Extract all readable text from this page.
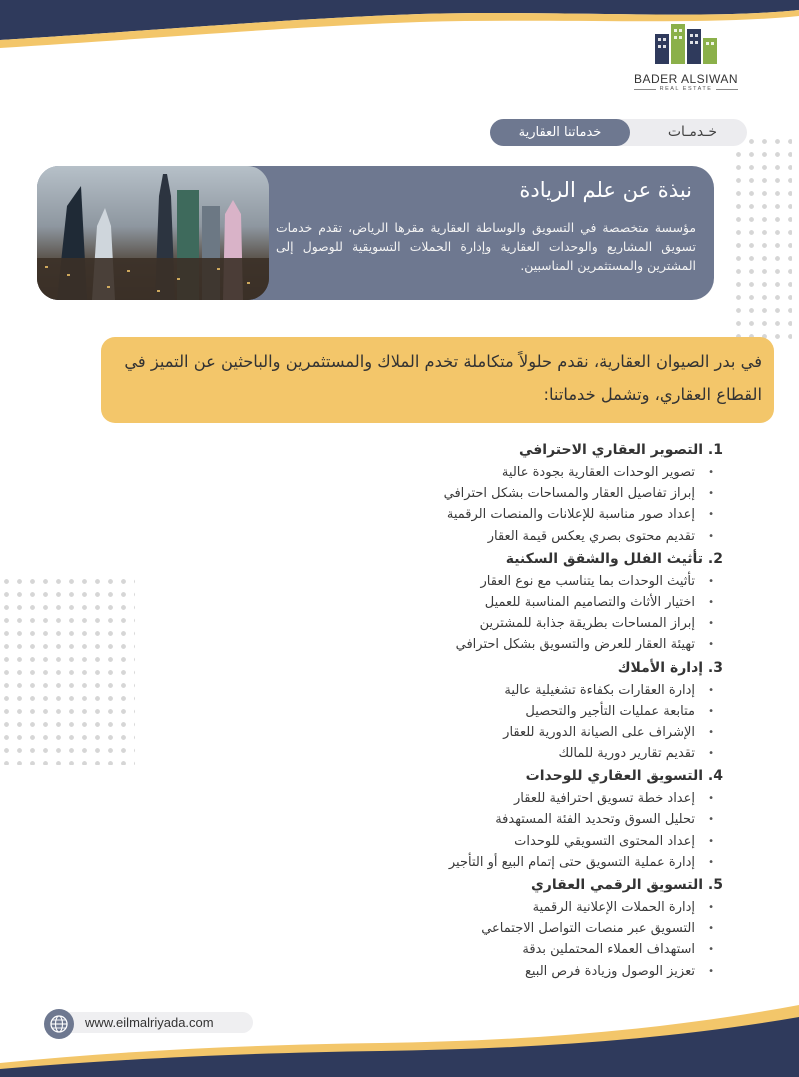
BADER ALSIWAN
REAL ESTATE
خدماتنا العقارية	خـدمـات
نبذة عن علم الريادة
مؤسسة متخصصة في التسويق والوساطة العقارية مقرها الرياض، تقدم خدمات تسويق المشاريع والوحدات العقارية وإدارة الحملات التسويقية للوصول إلى المشترين والمستثمرين المناسبين.
في بدر الصيوان العقارية، نقدم حلولاً متكاملة تخدم الملاك والمستثمرين والباحثين عن التميز في القطاع العقاري، وتشمل خدماتنا:
1. التصوير العقاري الاحترافي
• تصوير الوحدات العقارية بجودة عالية
• إبراز تفاصيل العقار والمساحات بشكل احترافي
• إعداد صور مناسبة للإعلانات والمنصات الرقمية
• تقديم محتوى بصري يعكس قيمة العقار
2. تأثيث الفلل والشقق السكنية
• تأثيث الوحدات بما يتناسب مع نوع العقار
• اختيار الأثاث والتصاميم المناسبة للعميل
• إبراز المساحات بطريقة جذابة للمشترين
• تهيئة العقار للعرض والتسويق بشكل احترافي
3. إدارة الأملاك
• إدارة العقارات بكفاءة تشغيلية عالية
• متابعة عمليات التأجير والتحصيل
• الإشراف على الصيانة الدورية للعقار
• تقديم تقارير دورية للمالك
4. التسويق العقاري للوحدات
• إعداد خطة تسويق احترافية للعقار
• تحليل السوق وتحديد الفئة المستهدفة
• إعداد المحتوى التسويقي للوحدات
• إدارة عملية التسويق حتى إتمام البيع أو التأجير
5. التسويق الرقمي العقاري
• إدارة الحملات الإعلانية الرقمية
• التسويق عبر منصات التواصل الاجتماعي
• استهداف العملاء المحتملين بدقة
• تعزيز الوصول وزيادة فرص البيع
www.eilmalriyada.com
